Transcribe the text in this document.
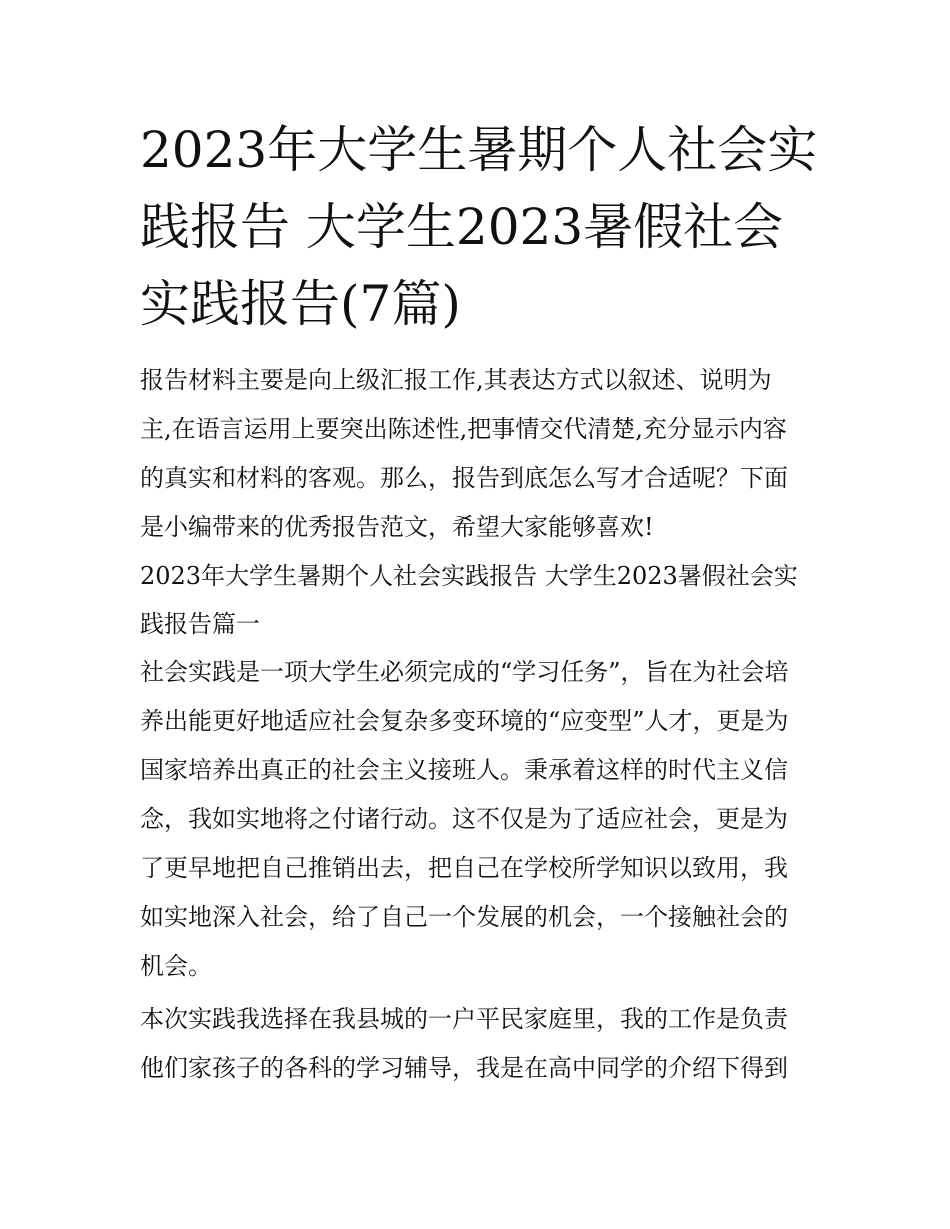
2023年大学生暑期个人社会实
践报告 大学生2023暑假社会
实践报告(7篇)

报告材料主要是向上级汇报工作,其表达方式以叙述、说明为
主,在语言运用上要突出陈述性,把事情交代清楚,充分显示内容
的真实和材料的客观。那么，报告到底怎么写才合适呢？下面
是小编带来的优秀报告范文，希望大家能够喜欢!

2023年大学生暑期个人社会实践报告 大学生2023暑假社会实
践报告篇一

社会实践是一项大学生必须完成的“学习任务”，旨在为社会培
养出能更好地适应社会复杂多变环境的“应变型”人才，更是为
国家培养出真正的社会主义接班人。秉承着这样的时代主义信
念，我如实地将之付诸行动。这不仅是为了适应社会，更是为
了更早地把自己推销出去，把自己在学校所学知识以致用，我
如实地深入社会，给了自己一个发展的机会，一个接触社会的
机会。

本次实践我选择在我县城的一户平民家庭里，我的工作是负责
他们家孩子的各科的学习辅导，我是在高中同学的介绍下得到
